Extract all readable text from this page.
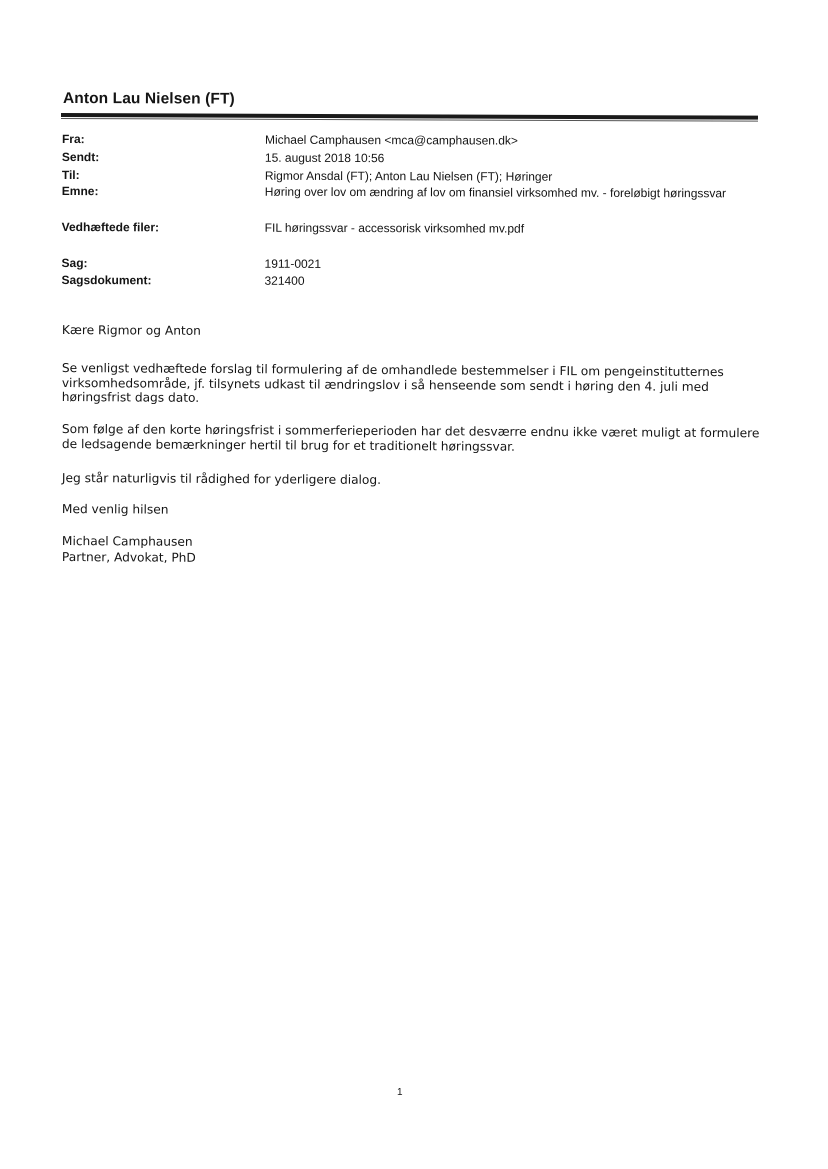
Anton Lau Nielsen (FT)
Fra:	Michael Camphausen <mca@camphausen.dk>
Sendt:	15. august 2018 10:56
Til:	Rigmor Ansdal (FT); Anton Lau Nielsen (FT); Høringer
Emne:	Høring over lov om ændring af lov om finansiel virksomhed mv. - foreløbigt høringssvar
Vedhæftede filer:	FIL høringssvar - accessorisk virksomhed mv.pdf
Sag:	1911-0021
Sagsdokument:	321400
Kære Rigmor og Anton
Se venligst vedhæftede forslag til formulering af de omhandlede bestemmelser i FIL om pengeinstitutternes virksomhedsområde, jf. tilsynets udkast til ændringslov i så henseende som sendt i høring den 4. juli med høringsfrist dags dato.
Som følge af den korte høringsfrist i sommerferieperioden har det desværre endnu ikke været muligt at formulere de ledsagende bemærkninger hertil til brug for et traditionelt høringssvar.
Jeg står naturligvis til rådighed for yderligere dialog.
Med venlig hilsen
Michael Camphausen
Partner, Advokat, PhD
1
